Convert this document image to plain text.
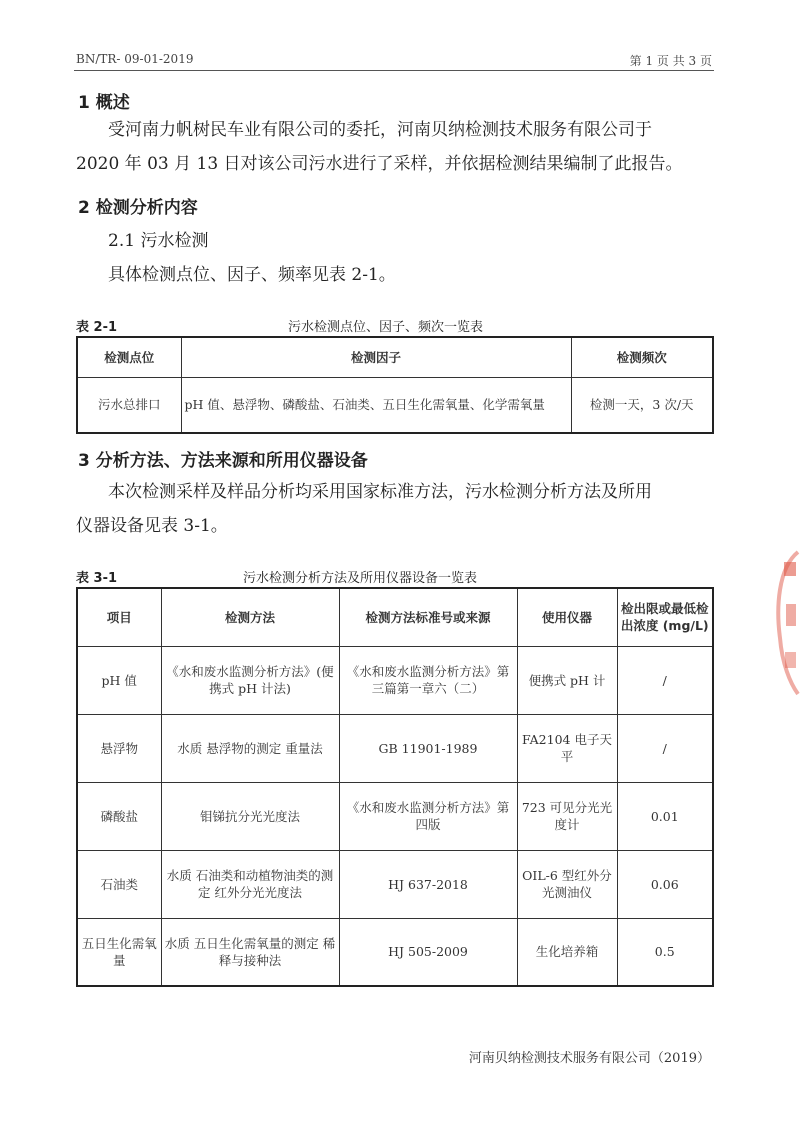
BN/TR- 09-01-2019	第 1 页 共 3 页
1 概述
受河南力帆树民车业有限公司的委托，河南贝纳检测技术服务有限公司于
2020 年 03 月 13 日对该公司污水进行了采样，并依据检测结果编制了此报告。
2 检测分析内容
2.1 污水检测
具体检测点位、因子、频率见表 2-1。
表 2-1	污水检测点位、因子、频次一览表
检测点位	检测因子	检测频次
污水总排口	pH 值、悬浮物、磷酸盐、石油类、五日生化需氧量、化学需氧量	检测一天，3 次/天
3 分析方法、方法来源和所用仪器设备
本次检测采样及样品分析均采用国家标准方法，污水检测分析方法及所用
仪器设备见表 3-1。
表 3-1	污水检测分析方法及所用仪器设备一览表
项目	检测方法	检测方法标准号或来源	使用仪器	检出限或最低检出浓度 (mg/L)
pH 值	《水和废水监测分析方法》(便携式 pH 计法)	《水和废水监测分析方法》第三篇第一章六（二）	便携式 pH 计	/
悬浮物	水质 悬浮物的测定 重量法	GB 11901-1989	FA2104 电子天平	/
磷酸盐	钼锑抗分光光度法	《水和废水监测分析方法》第四版	723 可见分光光度计	0.01
石油类	水质 石油类和动植物油类的测定 红外分光光度法	HJ 637-2018	OIL-6 型红外分光测油仪	0.06
五日生化需氧量	水质 五日生化需氧量的测定 稀释与接种法	HJ 505-2009	生化培养箱	0.5
河南贝纳检测技术服务有限公司（2019）
